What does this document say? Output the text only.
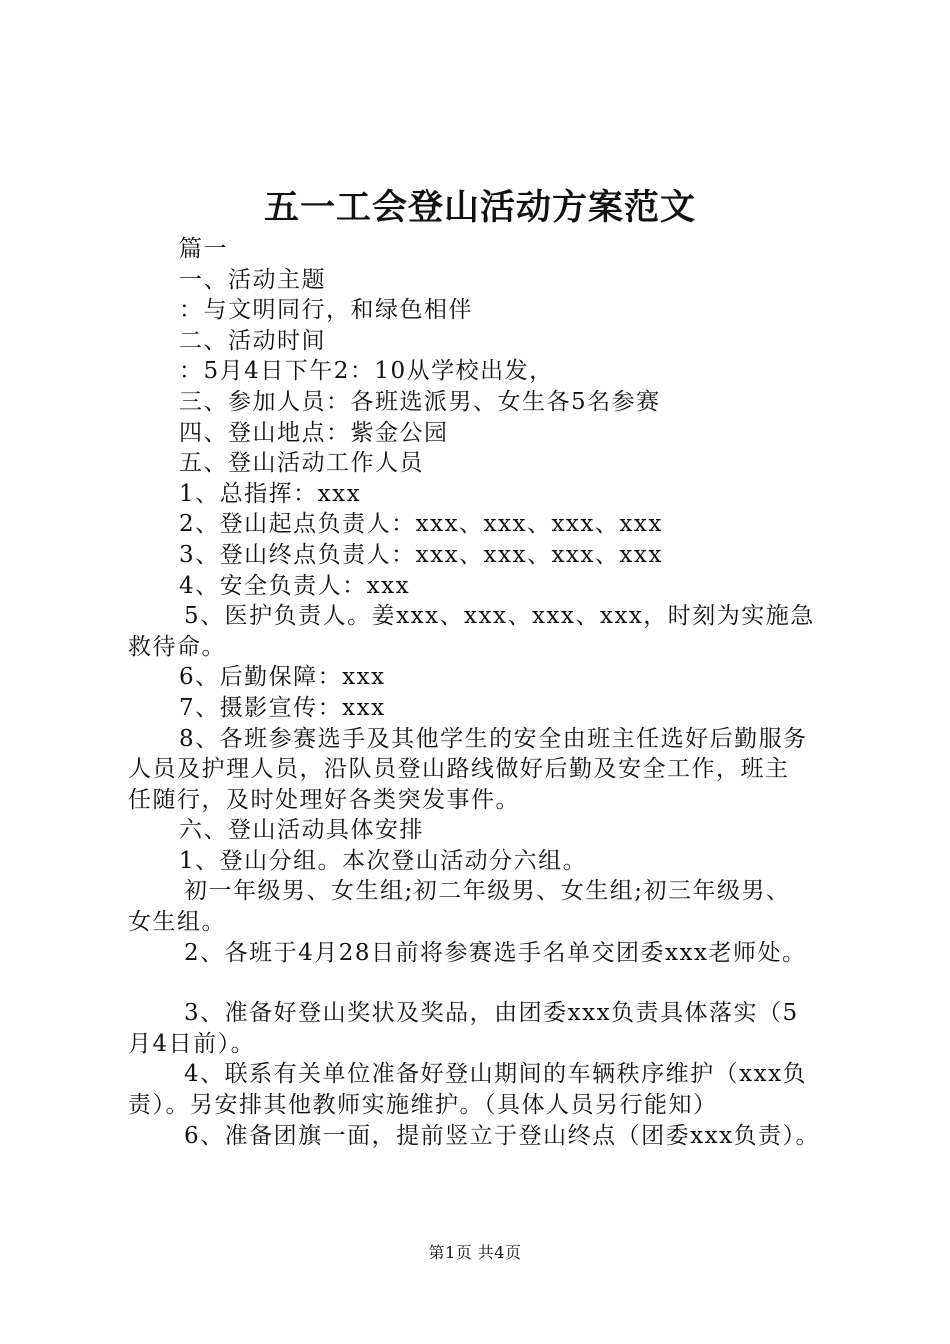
五一工会登山活动方案范文

篇一

一、活动主题

：与文明同行，和绿色相伴

二、活动时间

：5月4日下午2：10从学校出发，

三、参加人员：各班选派男、女生各5名参赛

四、登山地点：紫金公园

五、登山活动工作人员

1、总指挥：xxx

2、登山起点负责人：xxx、xxx、xxx、xxx

3、登山终点负责人：xxx、xxx、xxx、xxx

4、安全负责人：xxx

5、医护负责人。姜xxx、xxx、xxx、xxx，时刻为实施急

救待命。

6、后勤保障：xxx

7、摄影宣传：xxx

8、各班参赛选手及其他学生的安全由班主任选好后勤服务

人员及护理人员，沿队员登山路线做好后勤及安全工作，班主

任随行，及时处理好各类突发事件。

六、登山活动具体安排

1、登山分组。本次登山活动分六组。

初一年级男、女生组;初二年级男、女生组;初三年级男、

女生组。

2、各班于4月28日前将参赛选手名单交团委xxx老师处。

3、准备好登山奖状及奖品，由团委xxx负责具体落实（5

月4日前）。

4、联系有关单位准备好登山期间的车辆秩序维护（xxx负

责）。另安排其他教师实施维护。（具体人员另行能知）

6、准备团旗一面，提前竖立于登山终点（团委xxx负责）。

第1页 共4页
